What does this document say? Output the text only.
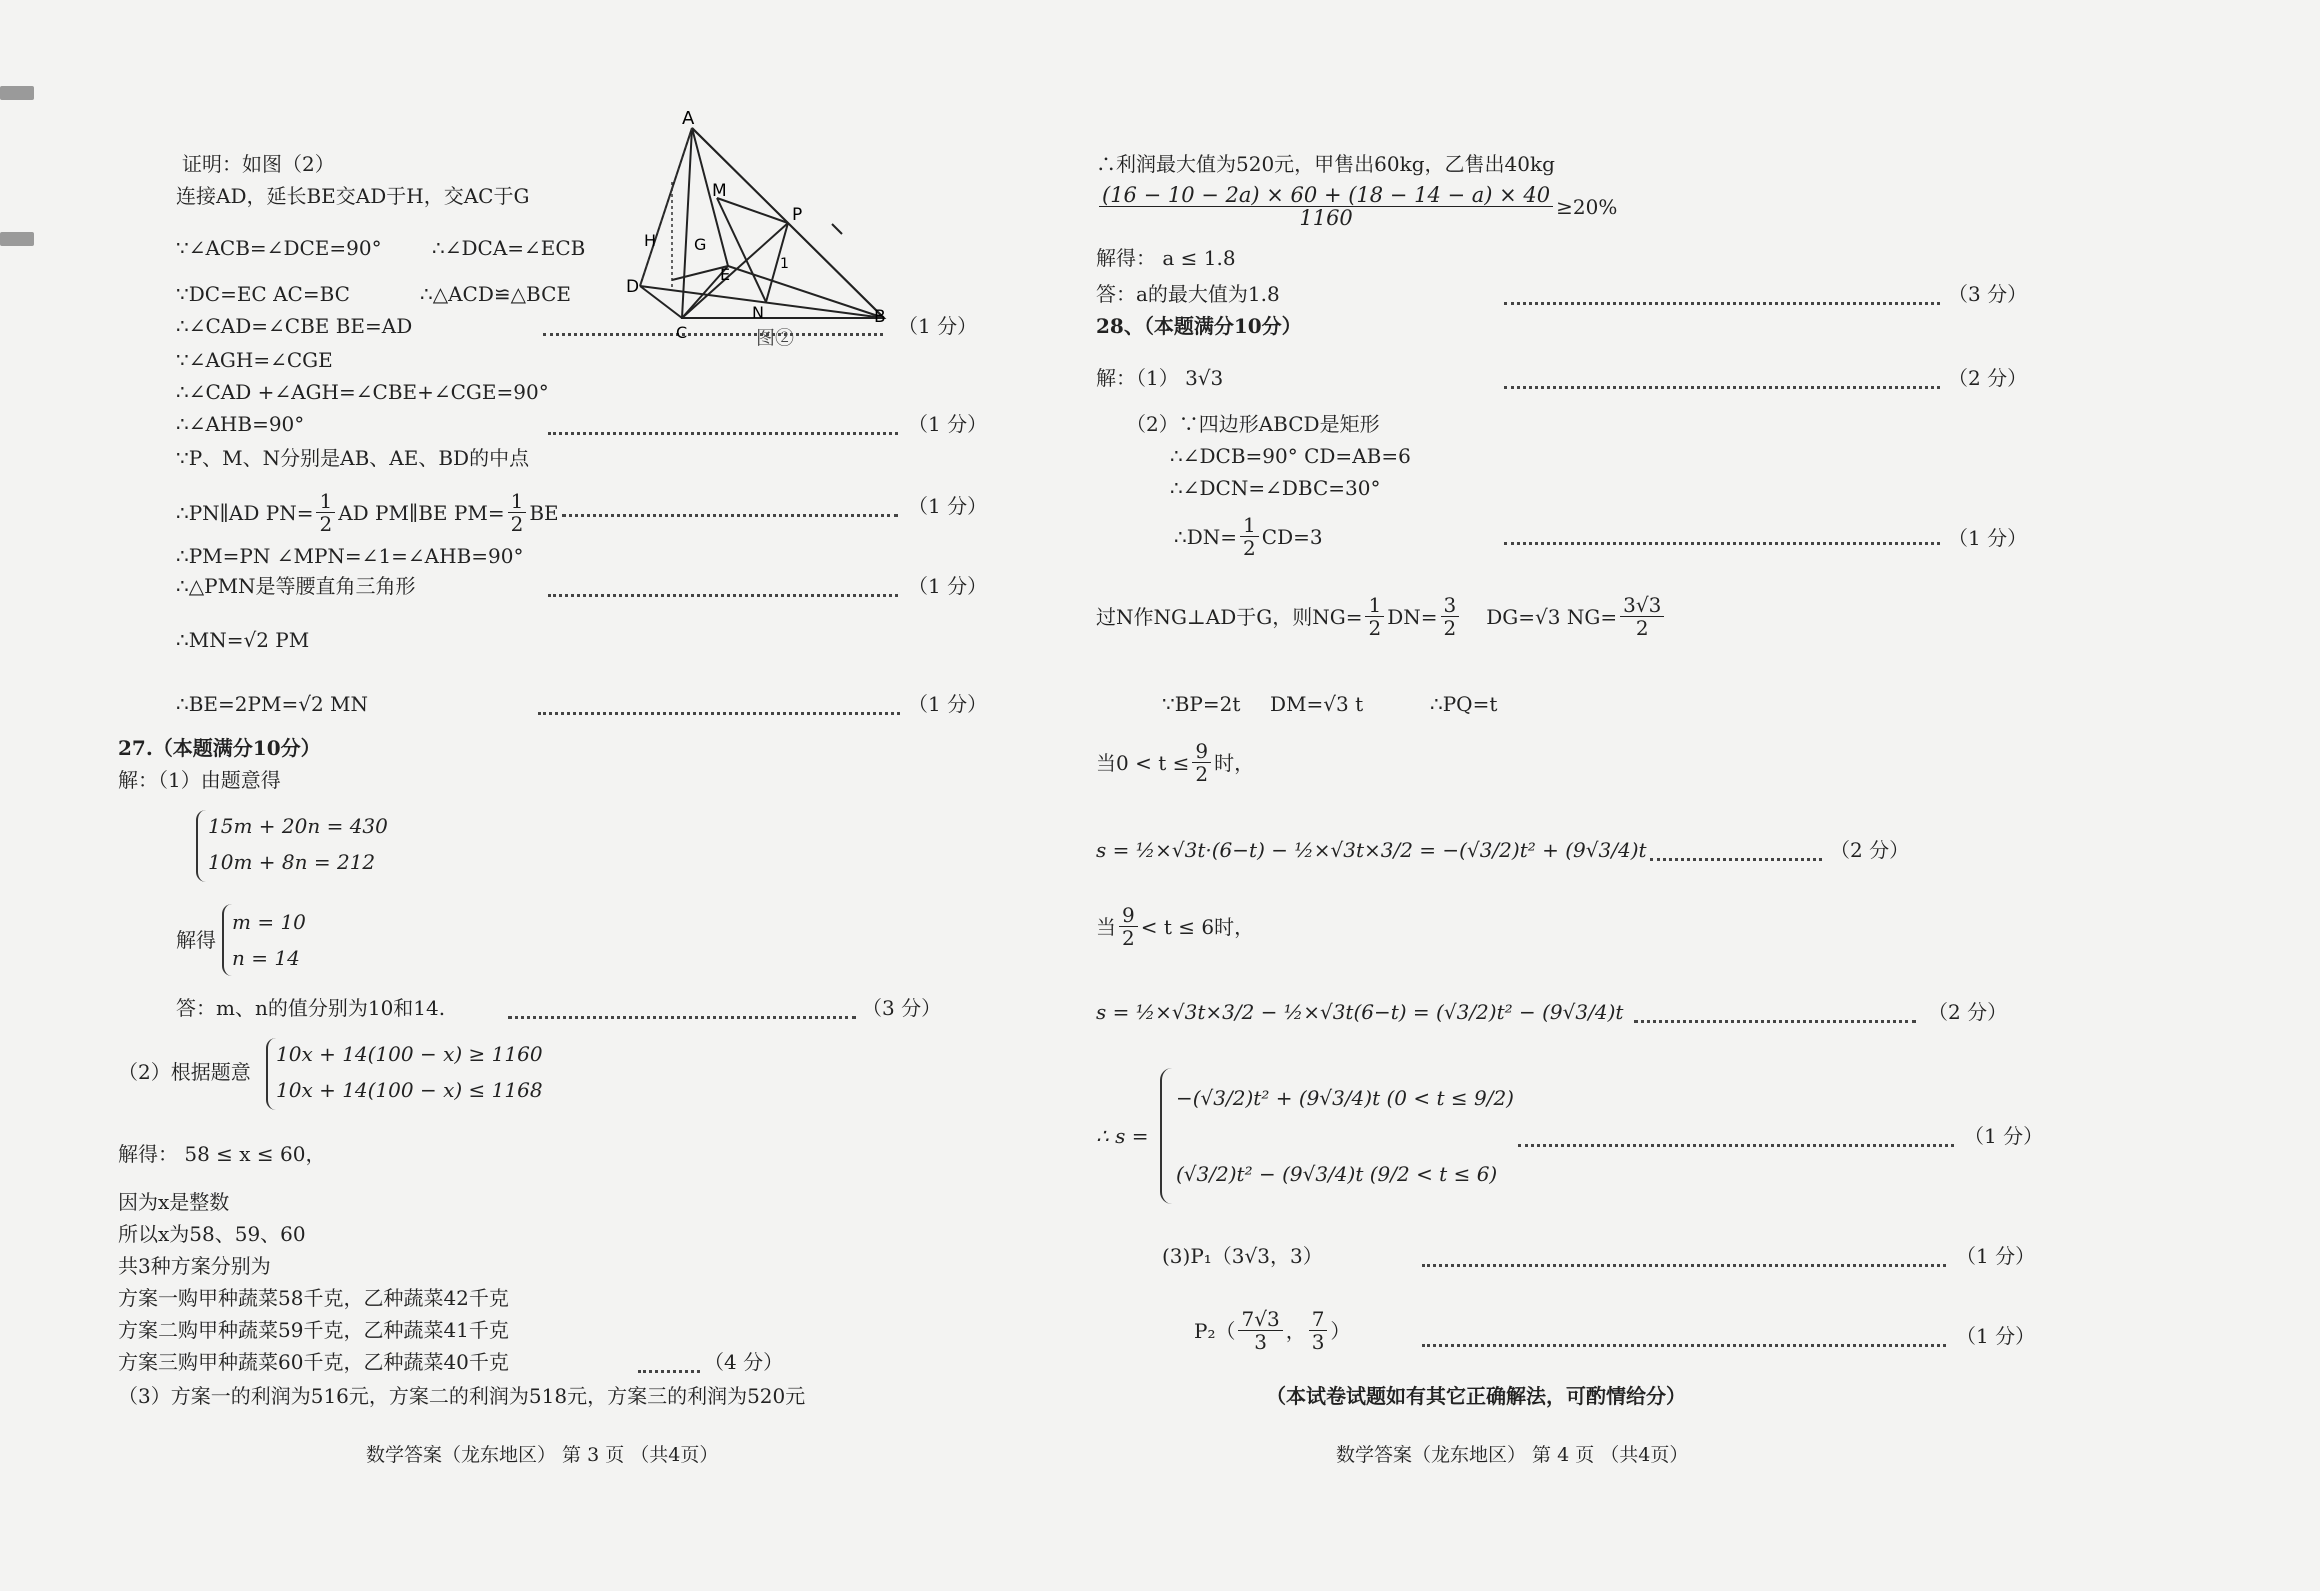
证明：如图（2）
连接AD，延长BE交AD于H，交AC于G
∵∠ACB=∠DCE=90°	∴∠DCA=∠ECB
∵DC=EC AC=BC	∴△ACD≌△BCE
∴∠CAD=∠CBE BE=AD	（1 分）
∵∠AGH=∠CGE
∴∠CAD +∠AGH=∠CBE+∠CGE=90°
∴∠AHB=90°	（1 分）
∵P、M、N分别是AB、AE、BD的中点
∴PN∥AD $PN= \frac{1}{2}$ AD PM∥BE $PM= \frac{1}{2}$ BE	（1 分）
∴PM=PN ∠MPN=∠1=∠AHB=90°
∴△PMN是等腰直角三角形	（1 分）
∴MN=√2 PM
∴BE=2PM=√2 MN	（1 分）
A
M
P
H G
1
D
E
C
N	B
图②
27.（本题满分10分）
解：（1）由题意得
15m + 20n = 430
10m + 8n = 212
解得
m = 10
n = 14
答：m、n的值分别为10和14.	（3 分）
（2）根据题意
10x + 14(100 − x) ≥ 1160
10x + 14(100 − x) ≤ 1168
解得： 58 ≤ x ≤ 60，
因为x是整数
所以x为58、59、60
共3种方案分别为
方案一购甲种蔬菜58千克，乙种蔬菜42千克
方案二购甲种蔬菜59千克，乙种蔬菜41千克
方案三购甲种蔬菜60千克，乙种蔬菜40千克	（4 分）
（3）方案一的利润为516元，方案二的利润为518元，方案三的利润为520元
数学答案（龙东地区） 第 3 页 （共4页）
∴利润最大值为520元，甲售出60kg，乙售出40kg
$\frac{(16 - 10 - 2a) \times 60 + (18 - 14 - a) \times 40}{1160} \ge 20\%$
解得： a ≤ 1.8
答：a的最大值为1.8	（3 分）
28、（本题满分10分）
解：（1） 3√3	（2 分）
（2）∵四边形ABCD是矩形
∴∠DCB=90° CD=AB=6
∴∠DCN=∠DBC=30°
∴DN= $\frac{1}{2} CD=3$	（1 分）
过N作NG⊥AD于G，则$NG= \frac{1}{2} DN= \frac{3}{2} DG=√3$ $NG= \frac{3√3}{2}$
∵BP=2t DM=√3 t	∴PQ=t
当$0 < t \le \frac{9}{2}$ 时，
s = ½×√3t·(6−t) − ½×√3t×3/2 = −(√3/2)t² + (9√3/4)t	（2 分）
当 $\frac{9}{2} < t \le 6$时，
s = ½×√3t×3/2 − ½×√3t(6−t) = (√3/2)t² − (9√3/4)t	（2 分）
∴ s =
−(√3/2)t² + (9√3/4)t (0 < t ≤ 9/2)
(√3/2)t² − (9√3/4)t (9/2 < t ≤ 6)
（1 分）
(3)P₁（3√3，3）	（1 分）
$P_2( \frac{7√3}{3}$ ， $\frac{7}{3}$ ）	（1 分）
（本试卷试题如有其它正确解法，可酌情给分）
数学答案（龙东地区） 第 4 页 （共4页）
